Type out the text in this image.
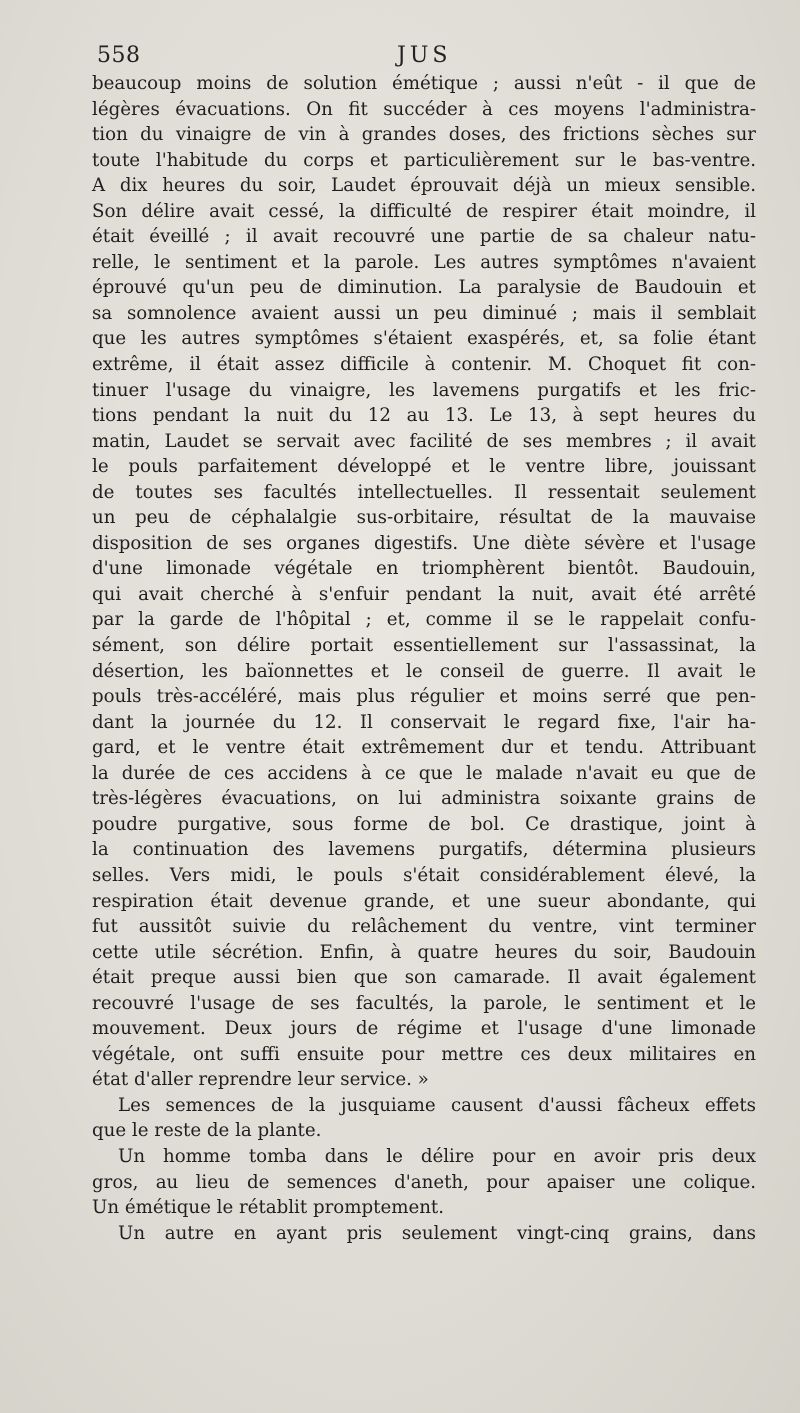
558	JUS
beaucoup moins de solution émétique ; aussi n'eût - il que de
légères évacuations. On fit succéder à ces moyens l'administra-
tion du vinaigre de vin à grandes doses, des frictions sèches sur
toute l'habitude du corps et particulièrement sur le bas-ventre.
A dix heures du soir, Laudet éprouvait déjà un mieux sensible.
Son délire avait cessé, la difficulté de respirer était moindre, il
était éveillé ; il avait recouvré une partie de sa chaleur natu-
relle, le sentiment et la parole. Les autres symptômes n'avaient
éprouvé qu'un peu de diminution. La paralysie de Baudouin et
sa somnolence avaient aussi un peu diminué ; mais il semblait
que les autres symptômes s'étaient exaspérés, et, sa folie étant
extrême, il était assez difficile à contenir. M. Choquet fit con-
tinuer l'usage du vinaigre, les lavemens purgatifs et les fric-
tions pendant la nuit du 12 au 13. Le 13, à sept heures du
matin, Laudet se servait avec facilité de ses membres ; il avait
le pouls parfaitement développé et le ventre libre, jouissant
de toutes ses facultés intellectuelles. Il ressentait seulement
un peu de céphalalgie sus-orbitaire, résultat de la mauvaise
disposition de ses organes digestifs. Une diète sévère et l'usage
d'une limonade végétale en triomphèrent bientôt. Baudouin,
qui avait cherché à s'enfuir pendant la nuit, avait été arrêté
par la garde de l'hôpital ; et, comme il se le rappelait confu-
sément, son délire portait essentiellement sur l'assassinat, la
désertion, les baïonnettes et le conseil de guerre. Il avait le
pouls très-accéléré, mais plus régulier et moins serré que pen-
dant la journée du 12. Il conservait le regard fixe, l'air ha-
gard, et le ventre était extrêmement dur et tendu. Attribuant
la durée de ces accidens à ce que le malade n'avait eu que de
très-légères évacuations, on lui administra soixante grains de
poudre purgative, sous forme de bol. Ce drastique, joint à
la continuation des lavemens purgatifs, détermina plusieurs
selles. Vers midi, le pouls s'était considérablement élevé, la
respiration était devenue grande, et une sueur abondante, qui
fut aussitôt suivie du relâchement du ventre, vint terminer
cette utile sécrétion. Enfin, à quatre heures du soir, Baudouin
était preque aussi bien que son camarade. Il avait également
recouvré l'usage de ses facultés, la parole, le sentiment et le
mouvement. Deux jours de régime et l'usage d'une limonade
végétale, ont suffi ensuite pour mettre ces deux militaires en
état d'aller reprendre leur service. »
Les semences de la jusquiame causent d'aussi fâcheux effets
que le reste de la plante.
Un homme tomba dans le délire pour en avoir pris deux
gros, au lieu de semences d'aneth, pour apaiser une colique.
Un émétique le rétablit promptement.
Un autre en ayant pris seulement vingt-cinq grains, dans
